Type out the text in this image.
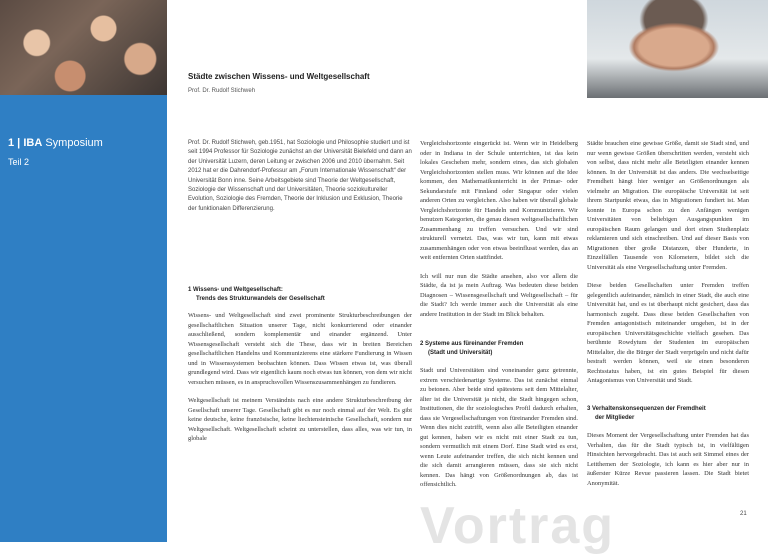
1 | IBA Symposium
Teil 2
Städte zwischen Wissens- und Weltgesellschaft
Prof. Dr. Rudolf Stichweh
Prof. Dr. Rudolf Stichweh, geb.1951, hat Soziologie und Philosophie studiert und ist seit 1994 Professor für Soziologie zunächst an der Universität Bielefeld und dann an der Universität Luzern, deren Leitung er zwischen 2006 und 2010 übernahm. Seit 2012 hat er die Dahrendorf-Professur am „Forum Internationale Wissenschaft“ der Universität Bonn inne. Seine Arbeitsgebiete sind Theorie der Weltgesellschaft, Soziologie der Wissenschaft und der Universitäten, Theorie soziokultureller Evolution, Soziologie des Fremden, Theorie der Inklusion und Exklusion, Theorie der funktionalen Differenzierung.
1 Wissens- und Weltgesellschaft:
Trends des Strukturwandels der Gesellschaft

Wissens- und Weltgesellschaft sind zwei prominente Strukturbeschreibungen der gesellschaftlichen Situation unserer Tage, nicht konkurrierend oder einander ausschließend, sondern komplementär und einander ergänzend. Unter Wissensgesellschaft versteht sich die These, dass wir in breiten Bereichen gesellschaftlichen Handelns und Kommunizierens eine stärkere Fundierung in Wissen und in Wissenssystemen beobachten können. Dass Wissen etwas ist, was überall grundlegend wird. Dass wir eigentlich kaum noch etwas tun können, von dem wir nicht versuchen müssen, es in anspruchsvollen Wissenszusammenhängen zu fundieren.

Weltgesellschaft ist meinem Verständnis nach eine andere Strukturbeschreibung der Gesellschaft unserer Tage. Gesellschaft gibt es nur noch einmal auf der Welt. Es gibt keine deutsche, keine französische, keine liechtensteinische Gesellschaft, sondern nur Weltgesellschaft. Weltgesellschaft scheint zu unterstellen, dass alles, was wir tun, in globale

Vergleichshorizonte eingerückt ist. Wenn wir in Heidelberg oder in Indiana in der Schule unterrichten, ist das kein lokales Geschehen mehr, sondern eines, das sich globalen Vergleichshorizonten stellen muss. Wir können auf die Idee kommen, den Mathematikunterricht in der Primar- oder Sekundarstufe mit Finnland oder Singapur oder vielen anderen Orten zu vergleichen. Also haben wir überall globale Vergleichshorizonte für Handeln und Kommunizieren. Wir benutzen Kategorien, die genau diesen weltgesellschaftlichen Zusammenhang zu treffen versuchen. Und wir sind strukturell vernetzt. Das, was wir tun, kann mit etwas zusammenhängen oder von etwas beeinflusst werden, das an weit entfernten Orten stattfindet.

Ich will nur nun die Städte ansehen, also vor allem die Städte, da ist ja mein Auftrag. Was bedeuten diese beiden Diagnosen – Wissensgesellschaft und Weltgesellschaft – für die Stadt? Ich werde immer auch die Universität als eine andere Institution in der Stadt im Blick behalten.

2 Systeme aus füreinander Fremden
(Stadt und Universität)

Stadt und Universitäten sind voneinander ganz getrennte, extrem verschiedenartige Systeme. Das ist zunächst einmal zu betonen. Aber beide sind spätestens seit dem Mittelalter, älter ist die Universität ja nicht, die Stadt hingegen schon, Institutionen, die ihr soziologisches Profil dadurch erhalten, dass sie Vergesellschaftungen von füreinander Fremden sind. Wenn dies nicht zutrifft, wenn also alle Beteiligten einander gut kennen, haben wir es nicht mit einer Stadt zu tun, sondern vermutlich mit einem Dorf. Eine Stadt wird es erst, wenn Leute aufeinander treffen, die sich nicht kennen und die sich damit arrangieren müssen, dass sie sich nicht kennen. Das hängt von Größenordnungen ab, das ist offensichtlich.

Städte brauchen eine gewisse Größe, damit sie Stadt sind, und nur wenn gewisse Größen überschritten werden, versteht sich von selbst, dass nicht mehr alle Beteiligten einander kennen können. In der Universität ist das anders. Die wechselseitige Fremdheit hängt hier weniger an Größenordnungen als vielmehr an Migration. Die europäische Universität ist seit ihrem Startpunkt etwas, das in Migrationen fundiert ist. Man konnte in Europa schon zu den Anfängen wenigen Universitäten von beliebigen Ausgangspunkten im europäischen Raum gelangen und dort einen Studienplatz reklamieren und sich einschreiben. Und auf dieser Basis von Migrationen über große Distanzen, über Hunderte, in Einzelfällen Tausende von Kilometern, bildet sich die Universität als eine Vergesellschaftung unter Fremden.

Diese beiden Gesellschaften unter Fremden treffen gelegentlich aufeinander, nämlich in einer Stadt, die auch eine Universität hat, und es ist überhaupt nicht gesichert, dass das harmonisch zugeht. Dass diese beiden Gesellschaften von Fremden antagonistisch miteinander umgehen, ist in der europäischen Universitätsgeschichte vielfach gesehen. Das berühmte Rowdytum der Studenten im europäischen Mittelalter, die die Bürger der Stadt verprügeln und nicht dafür bestraft werden können, weil sie einen besonderen Rechtsstatus haben, ist ein gutes Beispiel für diesen Antagonismus von Universität und Stadt.

3 Verhaltenskonsequenzen der Fremdheit
der Mitglieder

Dieses Moment der Vergesellschaftung unter Fremden hat das Verhalten, das für die Stadt typisch ist, in vielfältigen Hinsichten hervorgebracht. Das ist auch seit Simmel eines der Leitthemen der Soziologie, ich kann es hier aber nur in äußerster Kürze Revue passieren lassen. Die Stadt bietet Anonymität.

Vortrag	21
